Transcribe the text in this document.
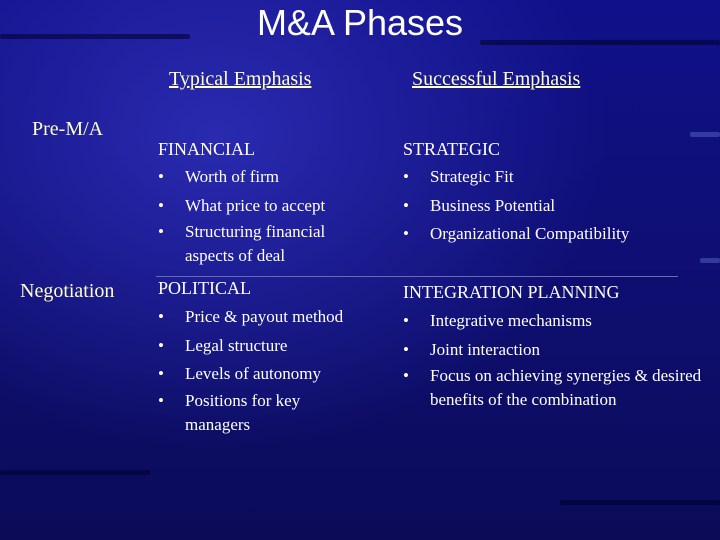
M&A Phases
Typical Emphasis	Successful Emphasis
Pre-M/A
FINANCIAL
• Worth of firm
• What price to accept
• Structuring financial aspects of deal
STRATEGIC
• Strategic Fit
• Business Potential
• Organizational Compatibility
Negotiation POLITICAL
• Price & payout method
• Legal structure
• Levels of autonomy
• Positions for key managers
INTEGRATION PLANNING
• Integrative mechanisms
• Joint interaction
• Focus on achieving synergies & desired benefits of the combination
